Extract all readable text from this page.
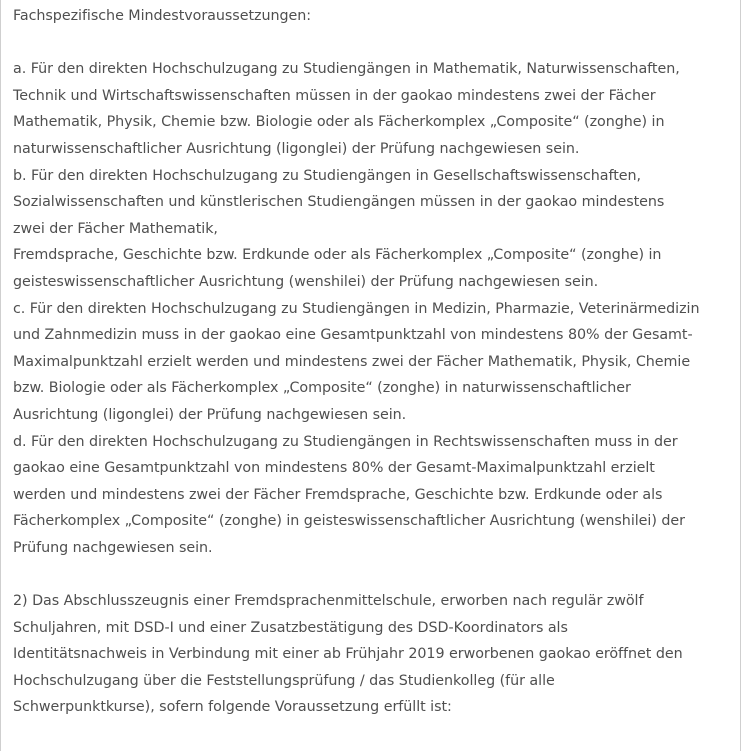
Fachspezifische Mindestvoraussetzungen:
a. Für den direkten Hochschulzugang zu Studiengängen in Mathematik, Naturwissenschaften,
Technik und Wirtschaftswissenschaften müssen in der gaokao mindestens zwei der Fächer
Mathematik, Physik, Chemie bzw. Biologie oder als Fächerkomplex „Composite“ (zonghe) in
naturwissenschaftlicher Ausrichtung (ligonglei) der Prüfung nachgewiesen sein.
b. Für den direkten Hochschulzugang zu Studiengängen in Gesellschaftswissenschaften,
Sozialwissenschaften und künstlerischen Studiengängen müssen in der gaokao mindestens
zwei der Fächer Mathematik,
Fremdsprache, Geschichte bzw. Erdkunde oder als Fächerkomplex „Composite“ (zonghe) in
geisteswissenschaftlicher Ausrichtung (wenshilei) der Prüfung nachgewiesen sein.
c. Für den direkten Hochschulzugang zu Studiengängen in Medizin, Pharmazie, Veterinärmedizin
und Zahnmedizin muss in der gaokao eine Gesamtpunktzahl von mindestens 80% der Gesamt-
Maximalpunktzahl erzielt werden und mindestens zwei der Fächer Mathematik, Physik, Chemie
bzw. Biologie oder als Fächerkomplex „Composite“ (zonghe) in naturwissenschaftlicher
Ausrichtung (ligonglei) der Prüfung nachgewiesen sein.
d. Für den direkten Hochschulzugang zu Studiengängen in Rechtswissenschaften muss in der
gaokao eine Gesamtpunktzahl von mindestens 80% der Gesamt-Maximalpunktzahl erzielt
werden und mindestens zwei der Fächer Fremdsprache, Geschichte bzw. Erdkunde oder als
Fächerkomplex „Composite“ (zonghe) in geisteswissenschaftlicher Ausrichtung (wenshilei) der
Prüfung nachgewiesen sein.
2) Das Abschlusszeugnis einer Fremdsprachenmittelschule, erworben nach regulär zwölf
Schuljahren, mit DSD-I und einer Zusatzbestätigung des DSD-Koordinators als
Identitätsnachweis in Verbindung mit einer ab Frühjahr 2019 erworbenen gaokao eröffnet den
Hochschulzugang über die Feststellungsprüfung / das Studienkolleg (für alle
Schwerpunktkurse), sofern folgende Voraussetzung erfüllt ist:
